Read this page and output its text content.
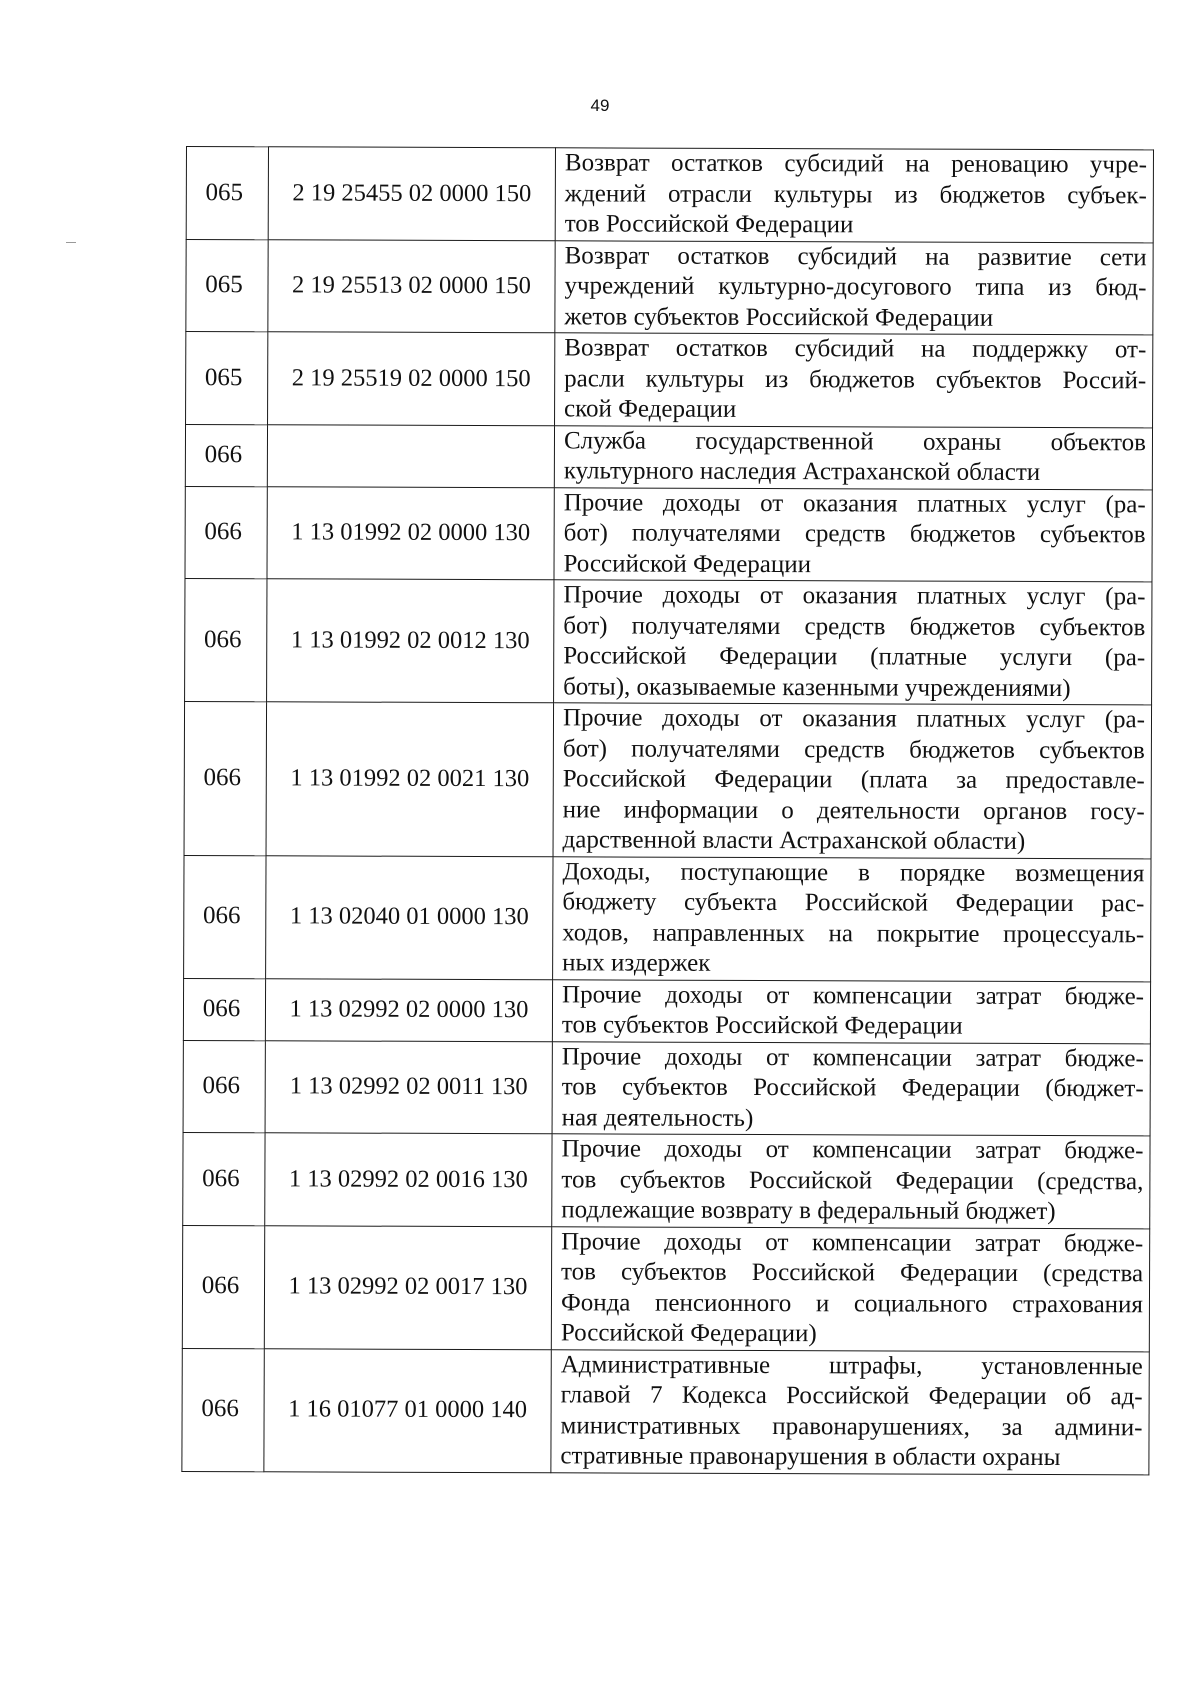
49
065	2 19 25455 02 0000 150	Возврат остатков субсидий на реновацию учре-
ждений отрасли культуры из бюджетов субъек-
тов Российской Федерации

065	2 19 25513 02 0000 150	Возврат остатков субсидий на развитие сети
учреждений культурно-досугового типа из бюд-
жетов субъектов Российской Федерации

065	2 19 25519 02 0000 150	Возврат остатков субсидий на поддержку от-
расли культуры из бюджетов субъектов Россий-
ской Федерации

066		Служба государственной охраны объектов
культурного наследия Астраханской области

066	1 13 01992 02 0000 130	Прочие доходы от оказания платных услуг (ра-
бот) получателями средств бюджетов субъектов
Российской Федерации

066	1 13 01992 02 0012 130	Прочие доходы от оказания платных услуг (ра-
бот) получателями средств бюджетов субъектов
Российской Федерации (платные услуги (ра-
боты), оказываемые казенными учреждениями)

066	1 13 01992 02 0021 130	Прочие доходы от оказания платных услуг (ра-
бот) получателями средств бюджетов субъектов
Российской Федерации (плата за предоставле-
ние информации о деятельности органов госу-
дарственной власти Астраханской области)

066	1 13 02040 01 0000 130	Доходы, поступающие в порядке возмещения
бюджету субъекта Российской Федерации рас-
ходов, направленных на покрытие процессуаль-
ных издержек

066	1 13 02992 02 0000 130	Прочие доходы от компенсации затрат бюдже-
тов субъектов Российской Федерации

066	1 13 02992 02 0011 130	Прочие доходы от компенсации затрат бюдже-
тов субъектов Российской Федерации (бюджет-
ная деятельность)

066	1 13 02992 02 0016 130	Прочие доходы от компенсации затрат бюдже-
тов субъектов Российской Федерации (средства,
подлежащие возврату в федеральный бюджет)

066	1 13 02992 02 0017 130	Прочие доходы от компенсации затрат бюдже-
тов субъектов Российской Федерации (средства
Фонда пенсионного и социального страхования
Российской Федерации)

066	1 16 01077 01 0000 140	Административные штрафы, установленные
главой 7 Кодекса Российской Федерации об ад-
министративных правонарушениях, за админи-
стративные правонарушения в области охраны
